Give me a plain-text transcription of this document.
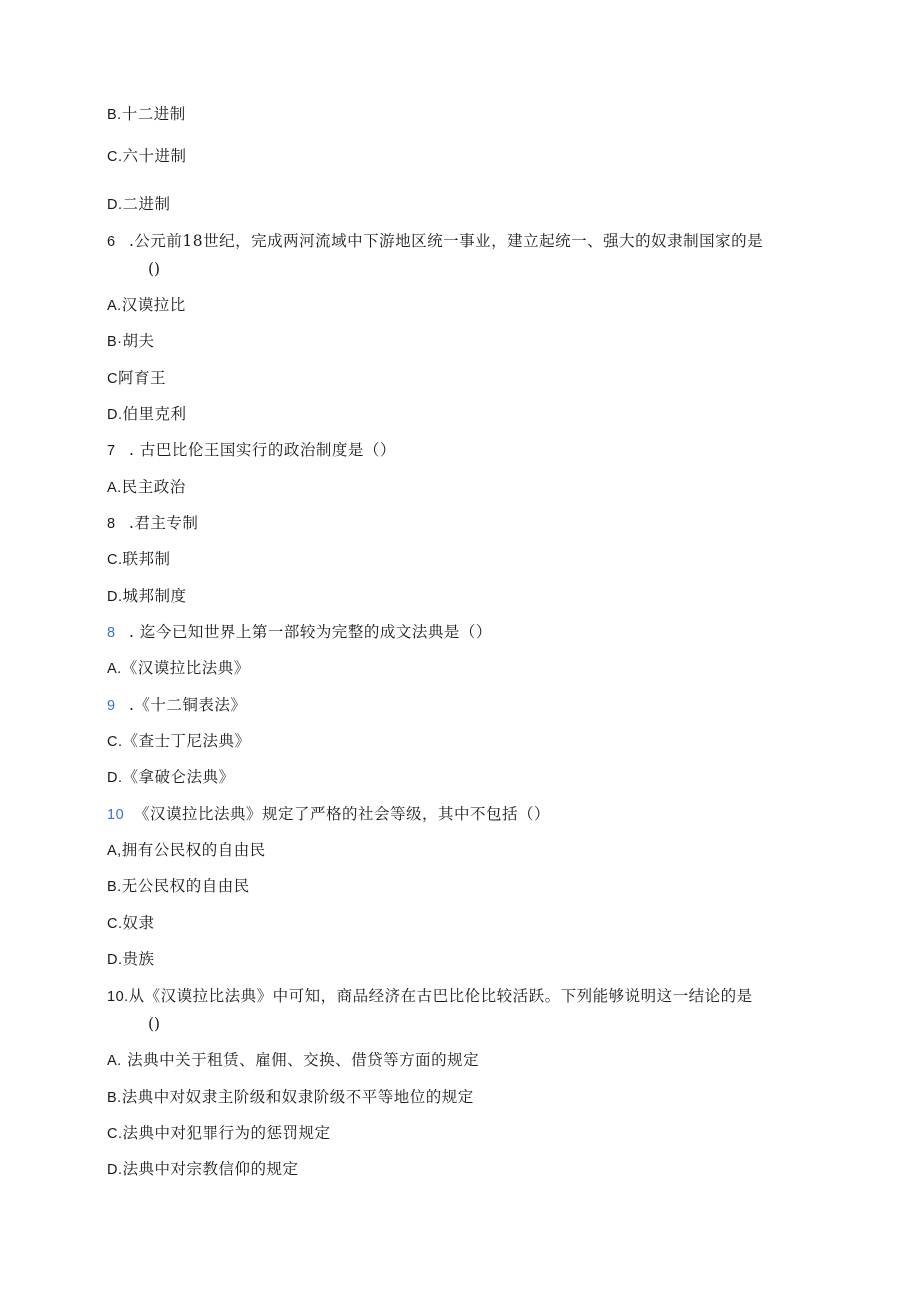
B.十二进制
C.六十进制
D.二进制
6 .公元前18世纪，完成两河流域中下游地区统一事业，建立起统一、强大的奴隶制国家的是
()
A.汉谟拉比
B·胡夫
C阿育王
D.伯里克利
7 . 古巴比伦王国实行的政治制度是（）
A.民主政治
8 .君主专制
C.联邦制
D.城邦制度
8 . 迄今已知世界上第一部较为完整的成文法典是（）
A.《汉谟拉比法典》
9 .《十二铜表法》
C.《查士丁尼法典》
D.《拿破仑法典》
10 《汉谟拉比法典》规定了严格的社会等级，其中不包括（）
A,拥有公民权的自由民
B.无公民权的自由民
C.奴隶
D.贵族
10.从《汉谟拉比法典》中可知，商品经济在古巴比伦比较活跃。下列能够说明这一结论的是
()
A. 法典中关于租赁、雇佣、交换、借贷等方面的规定
B.法典中对奴隶主阶级和奴隶阶级不平等地位的规定
C.法典中对犯罪行为的惩罚规定
D.法典中对宗教信仰的规定
